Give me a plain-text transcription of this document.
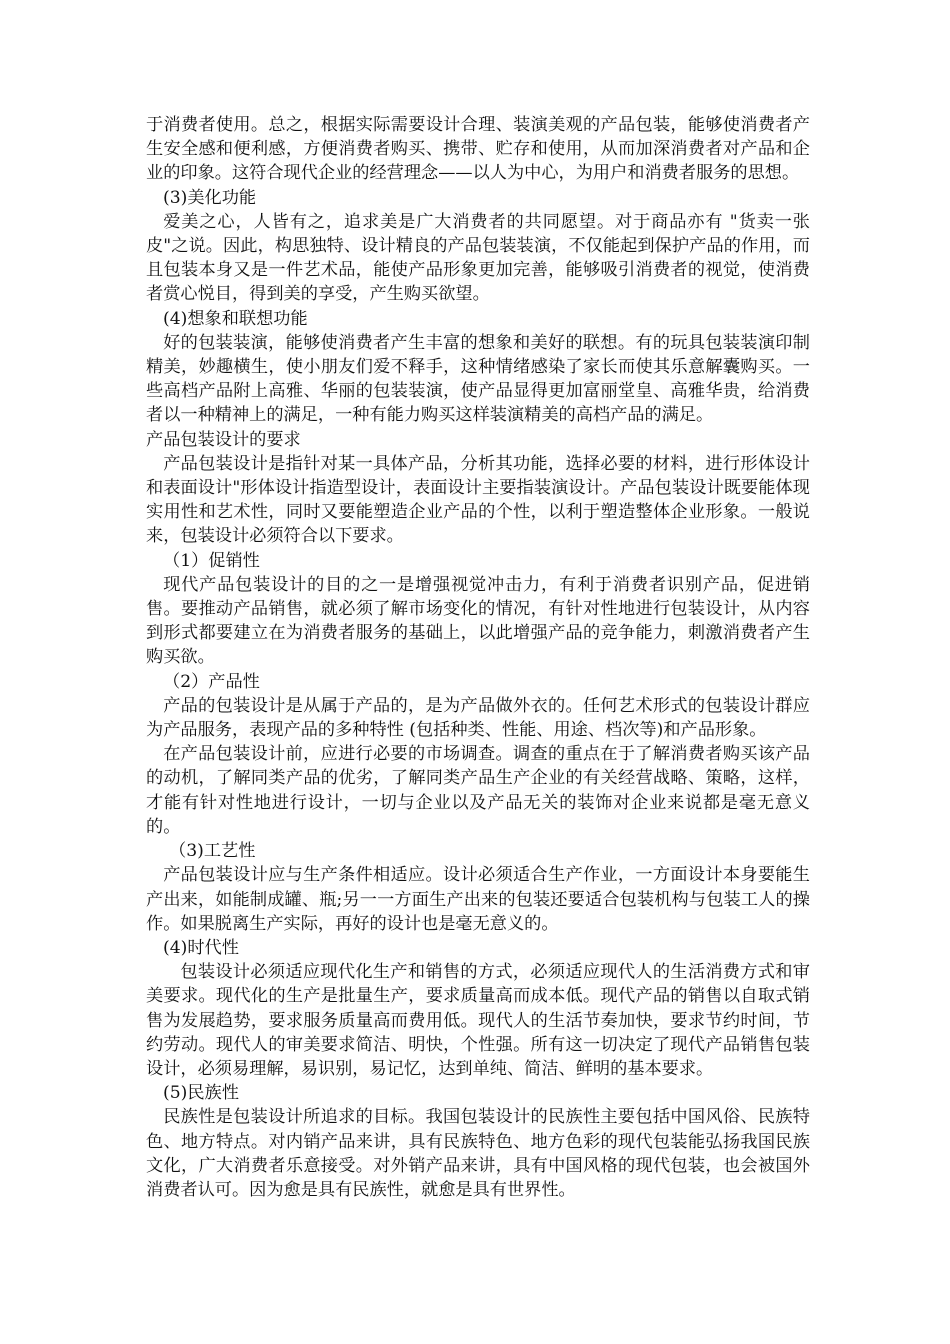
于消费者使用。总之，根据实际需要设计合理、装演美观的产品包装，能够使消费者产生安全感和便利感，方便消费者购买、携带、贮存和使用，从而加深消费者对产品和企业的印象。这符合现代企业的经营理念——以人为中心，为用户和消费者服务的思想。

(3)美化功能

爱美之心，人皆有之，追求美是广大消费者的共同愿望。对于商品亦有 "货卖一张皮"之说。因此，构思独特、设计精良的产品包装装演，不仅能起到保护产品的作用，而且包装本身又是一件艺术品，能使产品形象更加完善，能够吸引消费者的视觉，使消费者赏心悦目，得到美的享受，产生购买欲望。

(4)想象和联想功能

好的包装装演，能够使消费者产生丰富的想象和美好的联想。有的玩具包装装演印制精美，妙趣横生，使小朋友们爱不释手，这种情绪感染了家长而使其乐意解囊购买。一些高档产品附上高雅、华丽的包装装演，使产品显得更加富丽堂皇、高雅华贵，给消费者以一种精神上的满足，一种有能力购买这样装演精美的高档产品的满足。

产品包装设计的要求

产品包装设计是指针对某一具体产品，分析其功能，选择必要的材料，进行形体设计和表面设计"形体设计指造型设计，表面设计主要指装演设计。产品包装设计既要能体现实用性和艺术性，同时又要能塑造企业产品的个性，以利于塑造整体企业形象。一般说来，包装设计必须符合以下要求。

（1）促销性

现代产品包装设计的目的之一是增强视觉冲击力，有利于消费者识别产品，促进销售。要推动产品销售，就必须了解市场变化的情况，有针对性地进行包装设计，从内容到形式都要建立在为消费者服务的基础上，以此增强产品的竞争能力，刺激消费者产生购买欲。

（2）产品性

产品的包装设计是从属于产品的，是为产品做外衣的。任何艺术形式的包装设计群应为产品服务，表现产品的多种特性 (包括种类、性能、用途、档次等)和产品形象。

在产品包装设计前，应进行必要的市场调查。调查的重点在于了解消费者购买该产品的动机，了解同类产品的优劣，了解同类产品生产企业的有关经营战略、策略，这样，才能有针对性地进行设计，一切与企业以及产品无关的装饰对企业来说都是毫无意义的。

（3)工艺性

产品包装设计应与生产条件相适应。设计必须适合生产作业，一方面设计本身要能生产出来，如能制成罐、瓶;另一一方面生产出来的包装还要适合包装机构与包装工人的操作。如果脱离生产实际，再好的设计也是毫无意义的。

(4)时代性

包装设计必须适应现代化生产和销售的方式，必须适应现代人的生活消费方式和审美要求。现代化的生产是批量生产，要求质量高而成本低。现代产品的销售以自取式销售为发展趋势，要求服务质量高而费用低。现代人的生活节奏加快，要求节约时间，节约劳动。现代人的审美要求简洁、明快，个性强。所有这一切决定了现代产品销售包装设计，必须易理解，易识别，易记忆，达到单纯、简洁、鲜明的基本要求。

(5)民族性

民族性是包装设计所追求的目标。我国包装设计的民族性主要包括中国风俗、民族特色、地方特点。对内销产品来讲，具有民族特色、地方色彩的现代包装能弘扬我国民族文化，广大消费者乐意接受。对外销产品来讲，具有中国风格的现代包装，也会被国外消费者认可。因为愈是具有民族性，就愈是具有世界性。
